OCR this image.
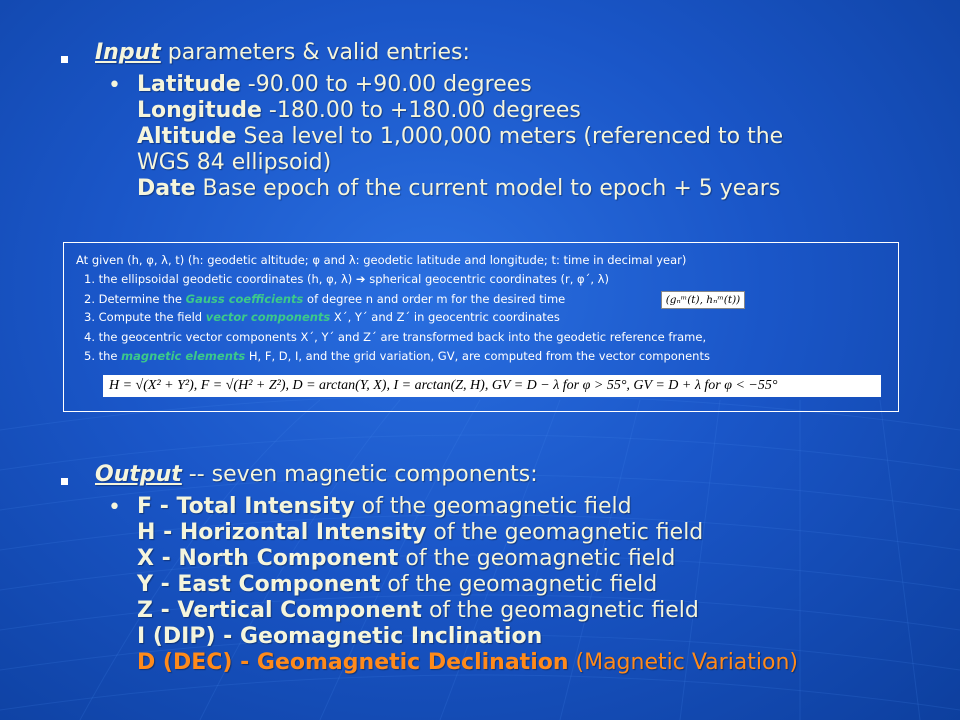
Input parameters & valid entries:
• Latitude -90.00 to +90.00 degrees
Longitude -180.00 to +180.00 degrees
Altitude Sea level to 1,000,000 meters (referenced to the
WGS 84 ellipsoid)
Date Base epoch of the current model to epoch + 5 years
At given (h, φ, λ, t) (h: geodetic altitude; φ and λ: geodetic latitude and longitude; t: time in decimal year)
1. the ellipsoidal geodetic coordinates (h, φ, λ) ➔ spherical geocentric coordinates (r, φ´, λ)
2. Determine the Gauss coefficients of degree n and order m for the desired time	(gₙᵐ(t), hₙᵐ(t))
3. Compute the field vector components X´, Y´ and Z´ in geocentric coordinates
4. the geocentric vector components X´, Y´ and Z´ are transformed back into the geodetic reference frame,
5. the magnetic elements H, F, D, I, and the grid variation, GV, are computed from the vector components
H = √(X² + Y²), F = √(H² + Z²), D = arctan(Y, X), I = arctan(Z, H), GV = D − λ for φ > 55°, GV = D + λ for φ < −55°
Output -- seven magnetic components:
• F - Total Intensity of the geomagnetic field
H - Horizontal Intensity of the geomagnetic field
X - North Component of the geomagnetic field
Y - East Component of the geomagnetic field
Z - Vertical Component of the geomagnetic field
I (DIP) - Geomagnetic Inclination
D (DEC) - Geomagnetic Declination (Magnetic Variation)
